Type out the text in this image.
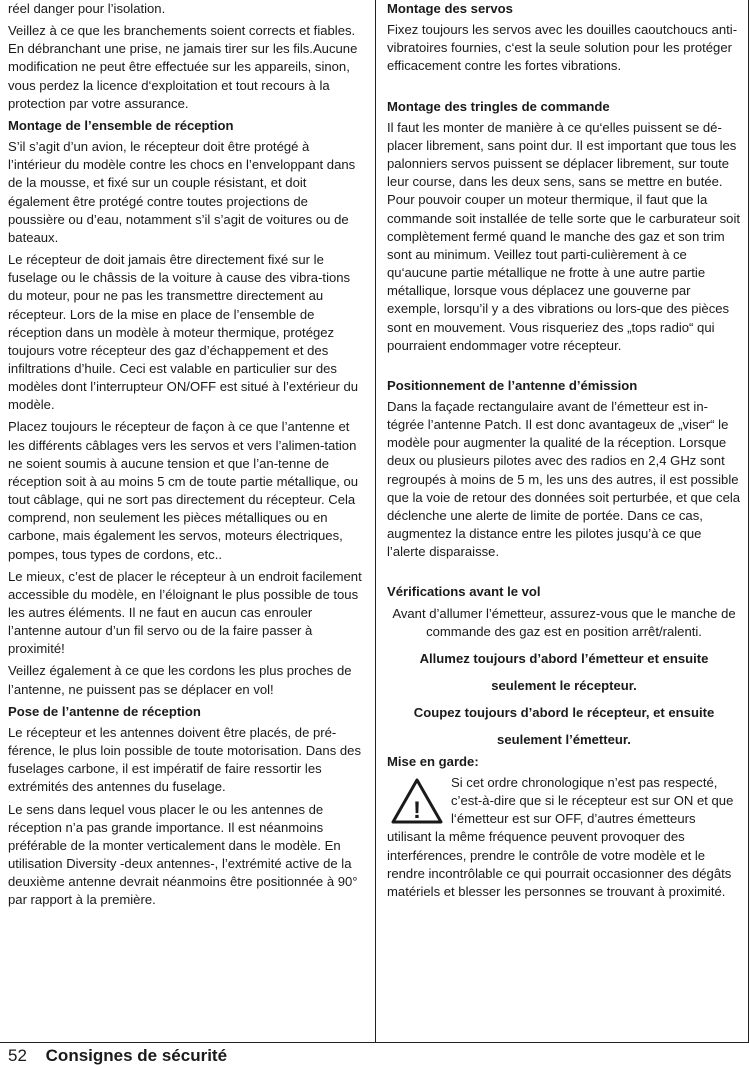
réel danger pour l’isolation.

Veillez à ce que les branchements soient corrects et fiables. En débranchant une prise, ne jamais tirer sur les fils.Aucune modification ne peut être effectuée sur les appareils, sinon, vous perdez la licence d‘exploitation et tout recours à la protection par votre assurance.

Montage de l’ensemble de réception

S’il s’agit d’un avion, le récepteur doit être protégé à l’intérieur du modèle contre les chocs en l’enveloppant dans de la mousse, et fixé sur un couple résistant, et doit également être protégé contre toutes projections de poussière ou d’eau, notamment s’il s’agit de voitures ou de bateaux.

Le récepteur de doit jamais être directement fixé sur le fuselage ou le châssis de la voiture à cause des vibra-tions du moteur, pour ne pas les transmettre directement au récepteur. Lors de la mise en place de l’ensemble de réception dans un modèle à moteur thermique, protégez toujours votre récepteur des gaz d’échappement et des infiltrations d’huile. Ceci est valable en particulier sur des modèles dont l’interrupteur ON/OFF est situé à l’extérieur du modèle.

Placez toujours le récepteur de façon à ce que l’antenne et les différents câblages vers les servos et vers l’alimen-tation ne soient soumis à aucune tension et que l’an-tenne de réception soit à au moins 5 cm de toute partie métallique, ou tout câblage, qui ne sort pas directement du récepteur. Cela comprend, non seulement les pièces métalliques ou en carbone, mais également les servos, moteurs électriques, pompes, tous types de cordons, etc..

Le mieux, c’est de placer le récepteur à un endroit facilement accessible du modèle, en l’éloignant le plus possible de tous les autres éléments. Il ne faut en aucun cas enrouler l’antenne autour d’un fil servo ou de la faire passer à proximité!

Veillez également à ce que les cordons les plus proches de l’antenne, ne puissent pas se déplacer en vol!

Pose de l’antenne de réception

Le récepteur et les antennes doivent être placés, de pré-férence, le plus loin possible de toute motorisation. Dans des fuselages carbone, il est impératif de faire ressortir les extrémités des antennes du fuselage.

Le sens dans lequel vous placer le ou les antennes de réception n’a pas grande importance. Il est néanmoins préférable de la monter verticalement dans le modèle. En utilisation Diversity -deux antennes-, l’extrémité active de la deuxième antenne devrait néanmoins être positionnée à 90° par rapport à la première.

Montage des servos

Fixez toujours les servos avec les douilles caoutchoucs anti-vibratoires fournies, c‘est la seule solution pour les protéger efficacement contre les fortes vibrations.

Montage des tringles de commande

Il faut les monter de manière à ce qu‘elles puissent se dé-placer librement, sans point dur. Il est important que tous les palonniers servos puissent se déplacer librement, sur toute leur course, dans les deux sens, sans se mettre en butée. Pour pouvoir couper un moteur thermique, il faut que la commande soit installée de telle sorte que le carburateur soit complètement fermé quand le manche des gaz et son trim sont au minimum. Veillez tout parti-culièrement à ce qu‘aucune partie métallique ne frotte à une autre partie métallique, lorsque vous déplacez une gouverne par exemple, lorsqu’il y a des vibrations ou lors-que des pièces sont en mouvement. Vous risqueriez des „tops radio“ qui pourraient endommager votre récepteur.

Positionnement de l’antenne d’émission

Dans la façade rectangulaire avant de l’émetteur est in-tégrée l’antenne Patch. Il est donc avantageux de „viser“ le modèle pour augmenter la qualité de la réception. Lorsque deux ou plusieurs pilotes avec des radios en 2,4 GHz sont regroupés à moins de 5 m, les uns des autres, il est possible que la voie de retour des données soit perturbée, et que cela déclenche une alerte de limite de portée. Dans ce cas, augmentez la distance entre les pilotes jusqu’à ce que l’alerte disparaisse.

Vérifications avant le vol

Avant d’allumer l’émetteur, assurez-vous que le manche de commande des gaz est en position arrêt/ralenti.

Allumez toujours d’abord l’émetteur et ensuite

seulement le récepteur.

Coupez toujours d’abord le récepteur, et ensuite

seulement l’émetteur.

Mise en garde:
!

Si cet ordre chronologique n’est pas respecté, c’est-à-dire que si le récepteur est sur ON et que l‘émetteur est sur OFF, d’autres émetteurs utilisant la même fréquence peuvent provoquer des interférences, prendre le contrôle de votre modèle et le rendre incontrôlable ce qui pourrait occasionner des dégâts matériels et blesser les personnes se trouvant à proximité.

52 Consignes de sécurité
